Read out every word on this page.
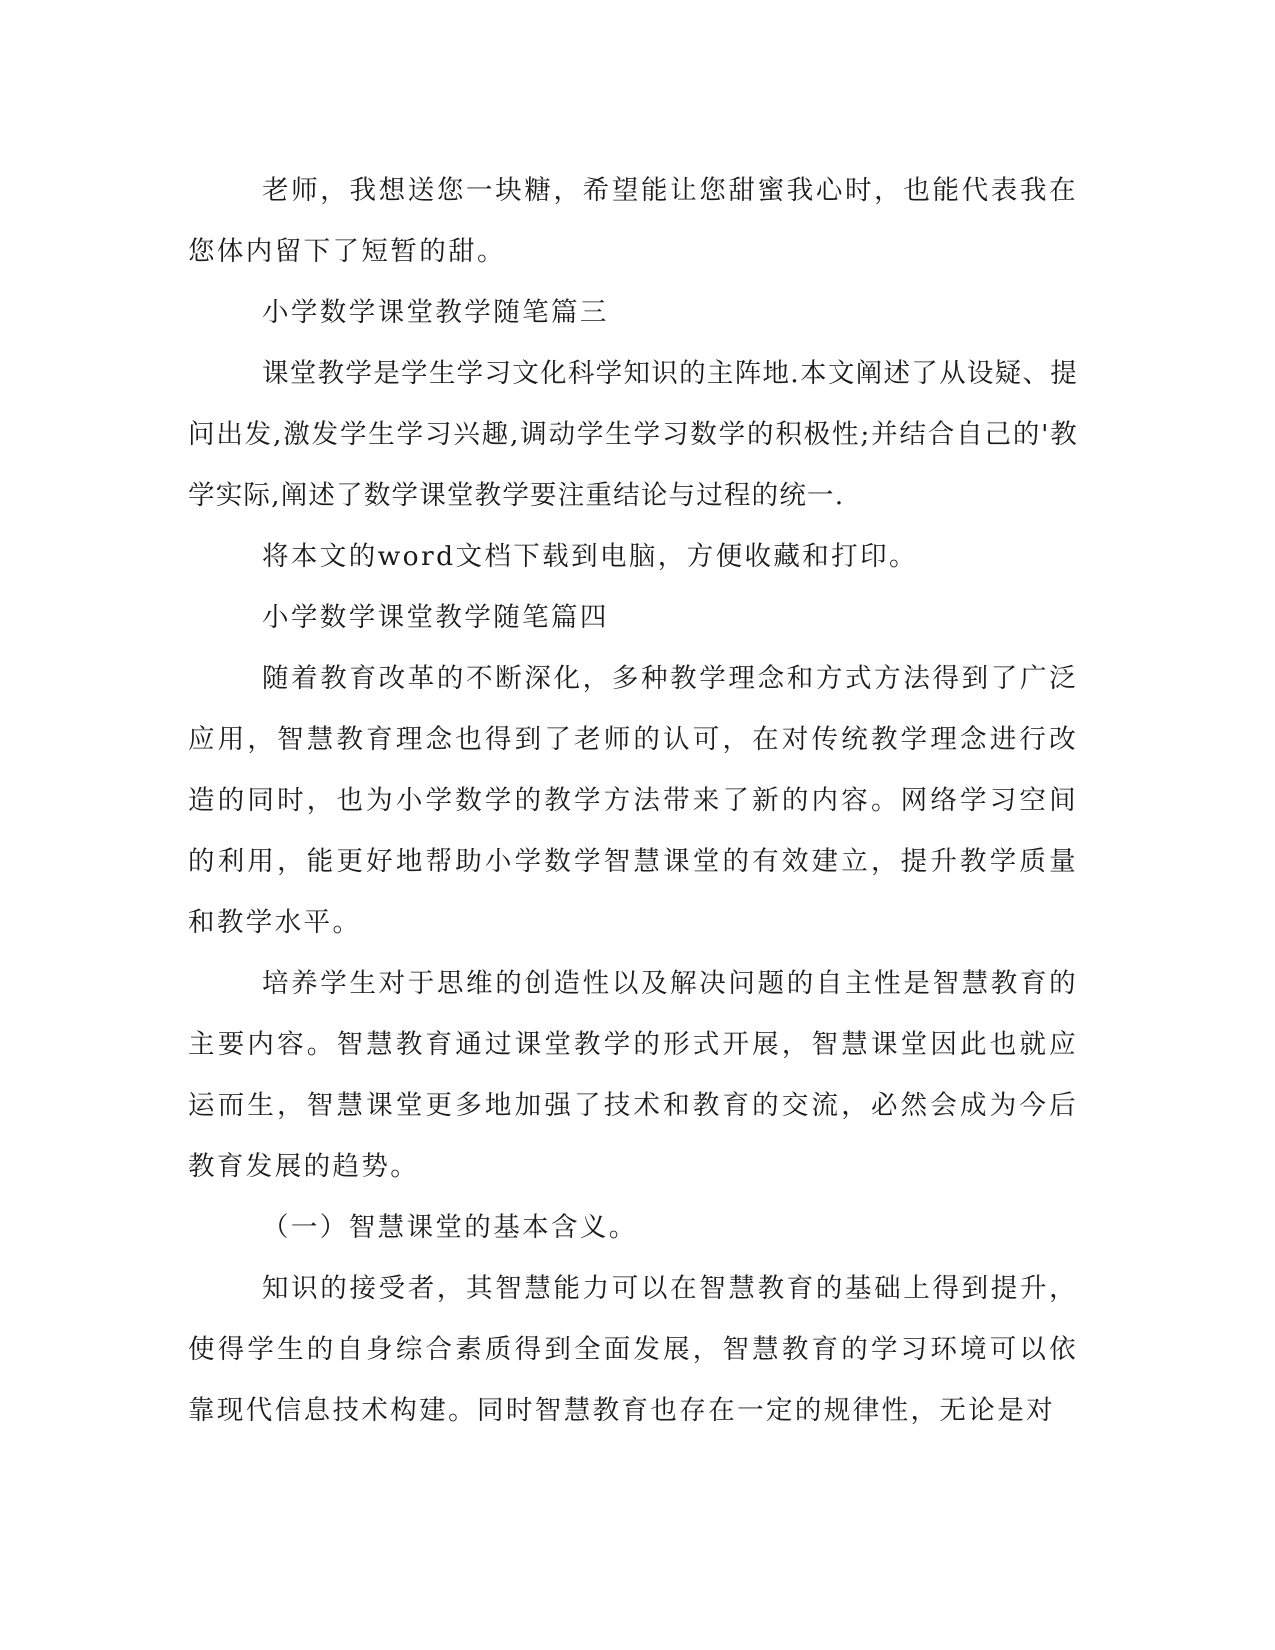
老师，我想送您一块糖，希望能让您甜蜜我心时，也能代表我在您体内留下了短暂的甜。

小学数学课堂教学随笔篇三

课堂教学是学生学习文化科学知识的主阵地.本文阐述了从设疑、提问出发,激发学生学习兴趣,调动学生学习数学的积极性;并结合自己的'教学实际,阐述了数学课堂教学要注重结论与过程的统一.

将本文的word文档下载到电脑，方便收藏和打印。

小学数学课堂教学随笔篇四

随着教育改革的不断深化，多种教学理念和方式方法得到了广泛应用，智慧教育理念也得到了老师的认可，在对传统教学理念进行改造的同时，也为小学数学的教学方法带来了新的内容。网络学习空间的利用，能更好地帮助小学数学智慧课堂的有效建立，提升教学质量和教学水平。

培养学生对于思维的创造性以及解决问题的自主性是智慧教育的主要内容。智慧教育通过课堂教学的形式开展，智慧课堂因此也就应运而生，智慧课堂更多地加强了技术和教育的交流，必然会成为今后教育发展的趋势。

（一）智慧课堂的基本含义。

知识的接受者，其智慧能力可以在智慧教育的基础上得到提升，使得学生的自身综合素质得到全面发展，智慧教育的学习环境可以依靠现代信息技术构建。同时智慧教育也存在一定的规律性，无论是对
